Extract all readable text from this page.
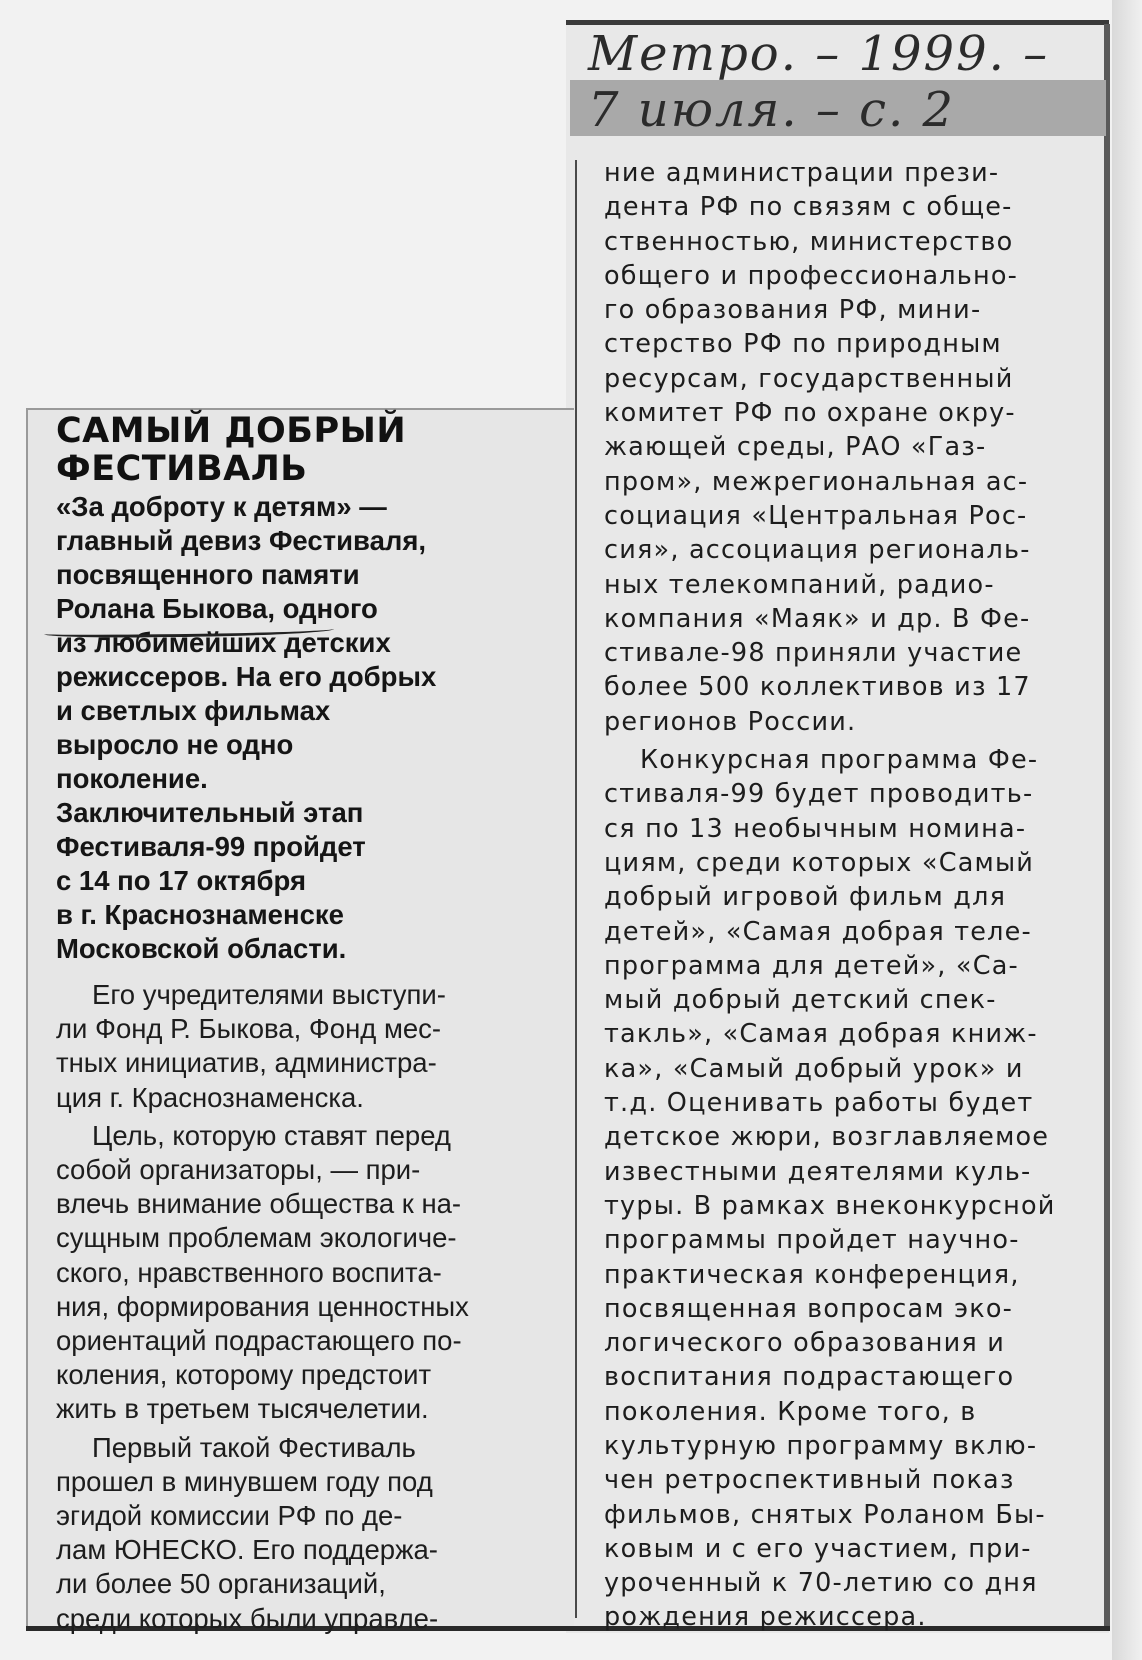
Метро. – 1999. –
7 июля. – с. 2
САМЫЙ ДОБРЫЙ
ФЕСТИВАЛЬ
«За доброту к детям» —
главный девиз Фестиваля,
посвященного памяти
Ролана Быкова, одного
из любимейших детских
режиссеров. На его добрых
и светлых фильмах
выросло не одно
поколение.
Заключительный этап
Фестиваля-99 пройдет
с 14 по 17 октября
в г. Краснознаменске
Московской области.
Его учредителями выступи-
ли Фонд Р. Быкова, Фонд мес-
тных инициатив, администра-
ция г. Краснознаменска.
Цель, которую ставят перед
собой организаторы, — при-
влечь внимание общества к на-
сущным проблемам экологиче-
ского, нравственного воспита-
ния, формирования ценностных
ориентаций подрастающего по-
коления, которому предстоит
жить в третьем тысячелетии.
Первый такой Фестиваль
прошел в минувшем году под
эгидой комиссии РФ по де-
лам ЮНЕСКО. Его поддержа-
ли более 50 организаций,
среди которых были управле-
ние администрации прези-
дента РФ по связям с обще-
ственностью, министерство
общего и профессионально-
го образования РФ, мини-
стерство РФ по природным
ресурсам, государственный
комитет РФ по охране окру-
жающей среды, РАО «Газ-
пром», межрегиональная ас-
социация «Центральная Рос-
сия», ассоциация региональ-
ных телекомпаний, радио-
компания «Маяк» и др. В Фе-
стивале-98 приняли участие
более 500 коллективов из 17
регионов России.
Конкурсная программа Фе-
стиваля-99 будет проводить-
ся по 13 необычным номина-
циям, среди которых «Самый
добрый игровой фильм для
детей», «Самая добрая теле-
программа для детей», «Са-
мый добрый детский спек-
такль», «Самая добрая книж-
ка», «Самый добрый урок» и
т.д. Оценивать работы будет
детское жюри, возглавляемое
известными деятелями куль-
туры. В рамках внеконкурсной
программы пройдет научно-
практическая конференция,
посвященная вопросам эко-
логического образования и
воспитания подрастающего
поколения. Кроме того, в
культурную программу вклю-
чен ретроспективный показ
фильмов, снятых Роланом Бы-
ковым и с его участием, при-
уроченный к 70-летию со дня
рождения режиссера.
